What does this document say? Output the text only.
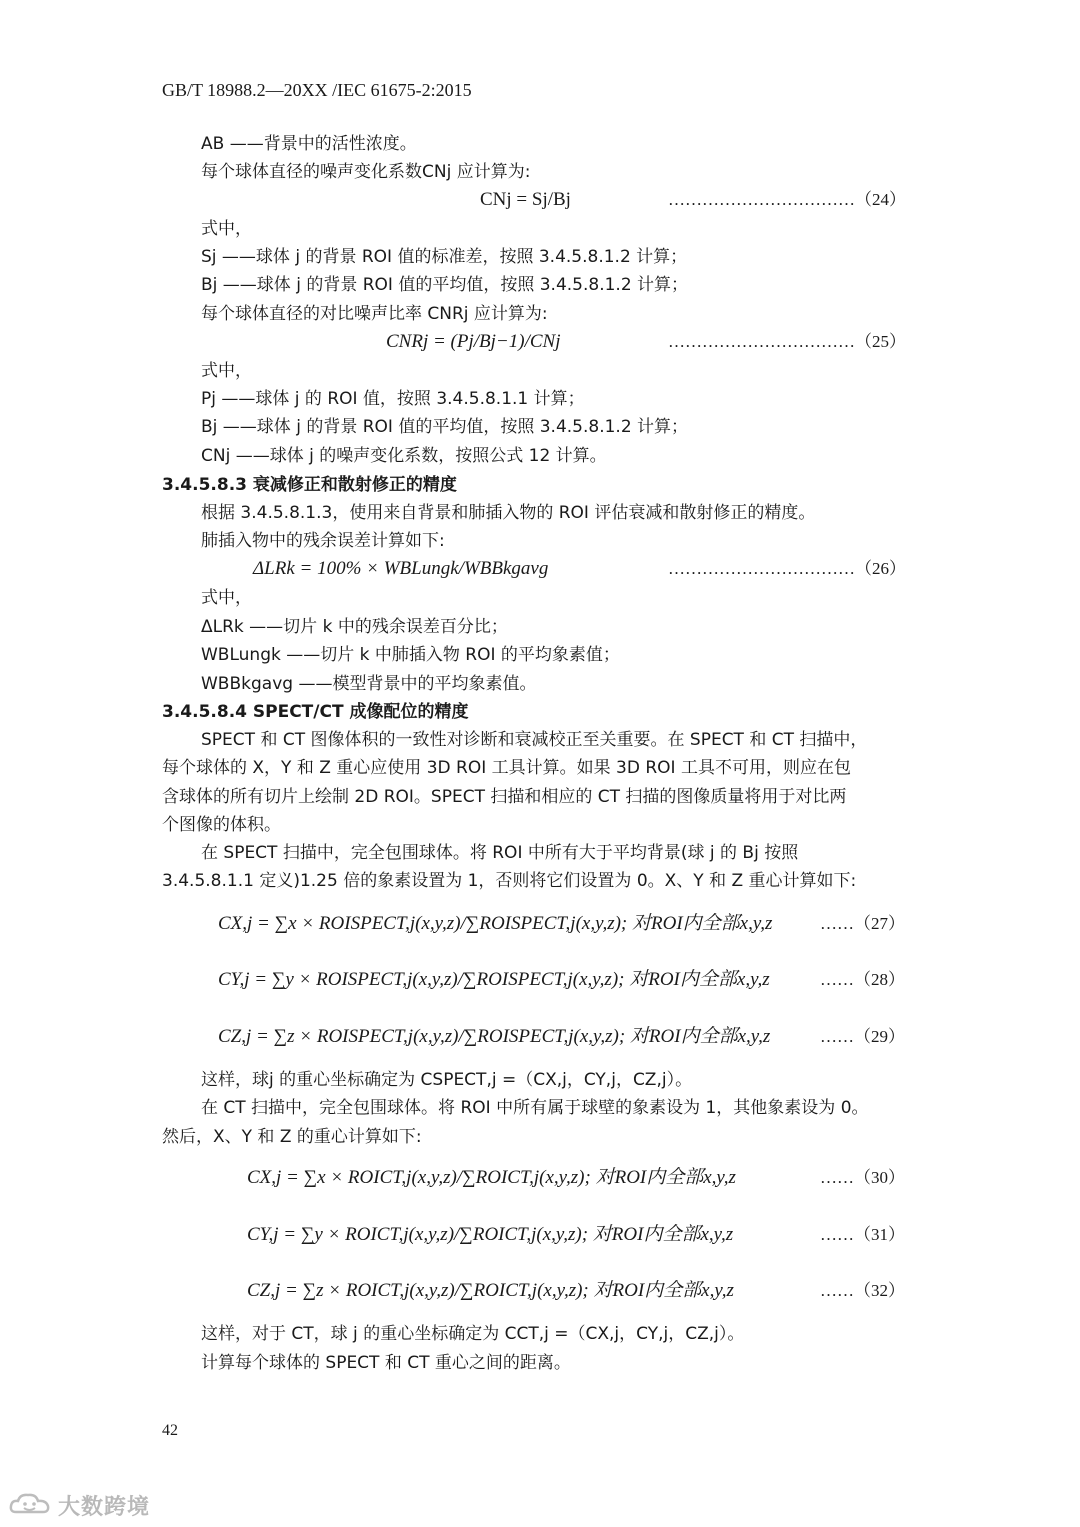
GB/T 18988.2—20XX /IEC 61675-2:2015
AB ——背景中的活性浓度。
每个球体直径的噪声变化系数CNj 应计算为:
CNj = Sj/Bj	……………………………（24）
式中，
Sj ——球体 j 的背景 ROI 值的标准差，按照 3.4.5.8.1.2 计算；
Bj ——球体 j 的背景 ROI 值的平均值，按照 3.4.5.8.1.2 计算；
每个球体直径的对比噪声比率 CNRj 应计算为:
CNRj = (Pj/Bj−1)/CNj	……………………………（25）
式中，
Pj ——球体 j 的 ROI 值，按照 3.4.5.8.1.1 计算；
Bj ——球体 j 的背景 ROI 值的平均值，按照 3.4.5.8.1.2 计算；
CNj ——球体 j 的噪声变化系数，按照公式 12 计算。
3.4.5.8.3 衰减修正和散射修正的精度
根据 3.4.5.8.1.3，使用来自背景和肺插入物的 ROI 评估衰减和散射修正的精度。
肺插入物中的残余误差计算如下:
ΔLRk = 100% × WBLungk/WBBkgavg	……………………………（26）
式中，
ΔLRk ——切片 k 中的残余误差百分比；
WBLungk ——切片 k 中肺插入物 ROI 的平均象素值；
WBBkgavg ——模型背景中的平均象素值。
3.4.5.8.4 SPECT/CT 成像配位的精度
SPECT 和 CT 图像体积的一致性对诊断和衰减校正至关重要。在 SPECT 和 CT 扫描中，
每个球体的 X，Y 和 Z 重心应使用 3D ROI 工具计算。如果 3D ROI 工具不可用，则应在包
含球体的所有切片上绘制 2D ROI。SPECT 扫描和相应的 CT 扫描的图像质量将用于对比两
个图像的体积。
在 SPECT 扫描中，完全包围球体。将 ROI 中所有大于平均背景(球 j 的 Bj 按照
3.4.5.8.1.1 定义)1.25 倍的象素设置为 1，否则将它们设置为 0。X、Y 和 Z 重心计算如下:
CX,j = ∑x × ROISPECT,j(x,y,z)/∑ROISPECT,j(x,y,z); 对ROI内全部x,y,z	……（27）
CY,j = ∑y × ROISPECT,j(x,y,z)/∑ROISPECT,j(x,y,z); 对ROI内全部x,y,z	……（28）
CZ,j = ∑z × ROISPECT,j(x,y,z)/∑ROISPECT,j(x,y,z); 对ROI内全部x,y,z	……（29）
这样，球j 的重心坐标确定为 CSPECT,j =（CX,j，CY,j，CZ,j）。
在 CT 扫描中，完全包围球体。将 ROI 中所有属于球壁的象素设为 1，其他象素设为 0。
然后，X、Y 和 Z 的重心计算如下:
CX,j = ∑x × ROICT,j(x,y,z)/∑ROICT,j(x,y,z); 对ROI内全部x,y,z	……（30）
CY,j = ∑y × ROICT,j(x,y,z)/∑ROICT,j(x,y,z); 对ROI内全部x,y,z	……（31）
CZ,j = ∑z × ROICT,j(x,y,z)/∑ROICT,j(x,y,z); 对ROI内全部x,y,z	……（32）
这样，对于 CT，球 j 的重心坐标确定为 CCT,j =（CX,j，CY,j，CZ,j）。
计算每个球体的 SPECT 和 CT 重心之间的距离。
42
大数跨境
